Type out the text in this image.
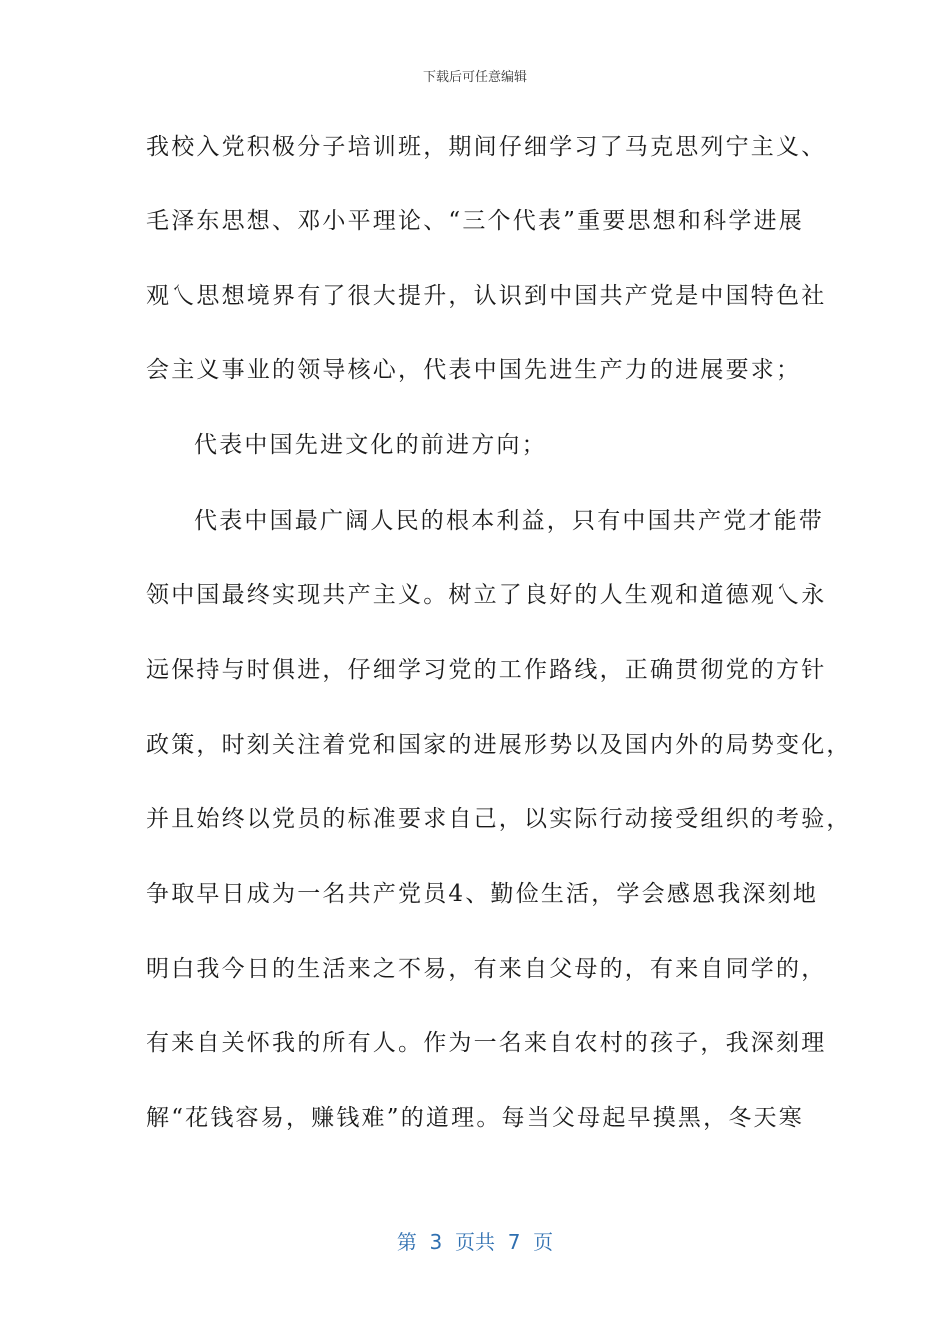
下载后可任意编辑
我校入党积极分子培训班，期间仔细学习了马克思列宁主义、
毛泽东思想、邓小平理论、“三个代表”重要思想和科学进展
观乀思想境界有了很大提升，认识到中国共产党是中国特色社
会主义事业的领导核心，代表中国先进生产力的进展要求；
代表中国先进文化的前进方向；
代表中国最广阔人民的根本利益，只有中国共产党才能带
领中国最终实现共产主义。树立了良好的人生观和道德观乀永
远保持与时俱进，仔细学习党的工作路线，正确贯彻党的方针
政策，时刻关注着党和国家的进展形势以及国内外的局势变化，
并且始终以党员的标准要求自己，以实际行动接受组织的考验，
争取早日成为一名共产党员4、勤俭生活，学会感恩我深刻地
明白我今日的生活来之不易，有来自父母的，有来自同学的，
有来自关怀我的所有人。作为一名来自农村的孩子，我深刻理
解“花钱容易，赚钱难”的道理。每当父母起早摸黑，冬天寒
第  3  页共  7  页
